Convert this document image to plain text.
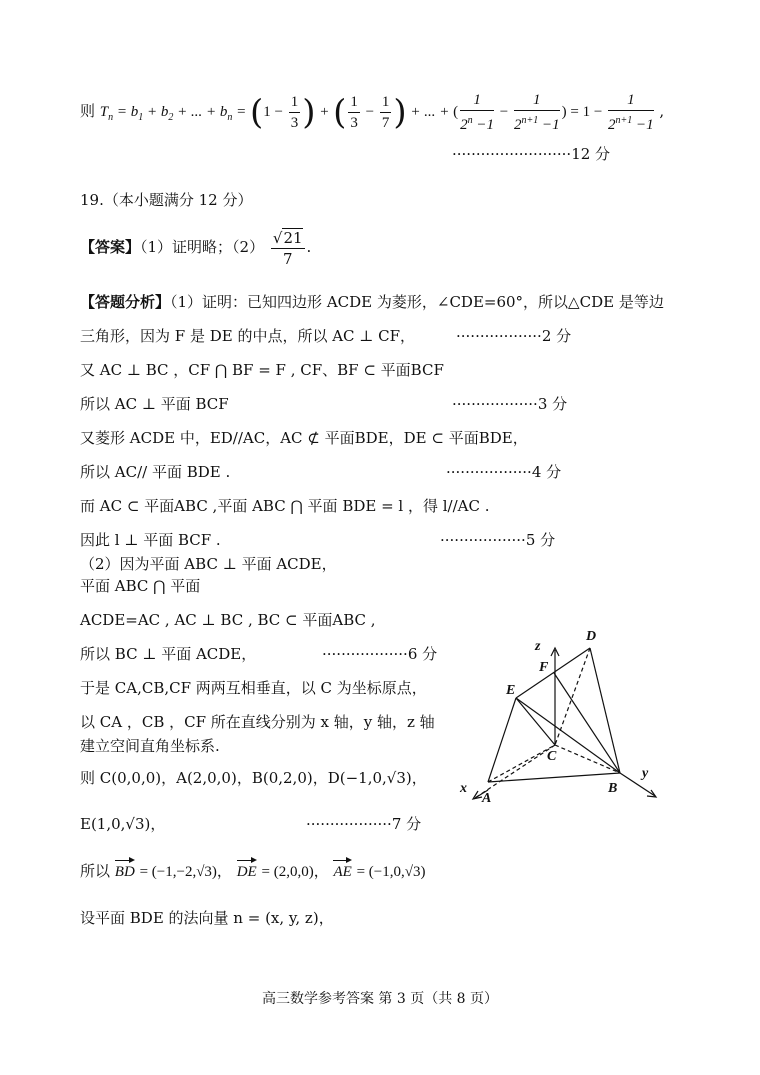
则 $T_n = b_1 + b_2$ + ... + $b_n = (1 - \frac{1}{3}$ ) + ( $\frac{1}{3} - \frac{1}{7}$ ) + ... + ( $\frac{1}{2^n -1} - \frac{1}{2^{n+1} -1}$ ) = $1 - \frac{1}{2^{n+1} -1}$ ,
·························12 分
19.（本小题满分 12 分）
【答案】（1）证明略；$(2) \frac{√21}{7}$ .
【答题分析】（1）证明：已知四边形 ACDE 为菱形，∠CDE=60°，所以△CDE 是等边
三角形，因为 F 是 DE 的中点，所以 AC ⊥ CF，	··················2 分
又 AC ⊥ BC ，CF ⋂ BF = F , CF、BF ⊂ 平面BCF
所以 AC ⊥ 平面 BCF	··················3 分
又菱形 ACDE 中，ED//AC，AC ⊄ 平面BDE，DE ⊂ 平面BDE，
所以 AC// 平面 BDE .	··················4 分
而 AC ⊂ 平面ABC ,平面 ABC ⋂ 平面 BDE = l ，得 l//AC .
因此 l ⊥ 平面 BCF .	··················5 分
（2）因为平面 ABC ⊥ 平面 ACDE，
平面 ABC ⋂ 平面
ACDE=AC , AC ⊥ BC , BC ⊂ 平面ABC ,
所以 BC ⊥ 平面 ACDE，	··················6 分
于是 CA,CB,CF 两两互相垂直，以 C 为坐标原点，
以 CA ，CB ，CF 所在直线分别为 x 轴，y 轴，z 轴
建立空间直角坐标系.
则 C(0,0,0)，A(2,0,0)，B(0,2,0)，D(−1,0,√3)，
E(1,0,√3)，	··················7 分
所以 BD = (−1,−2,√3)， DE = (2,0,0)， AE = (−1,0,√3)
设平面 BDE 的法向量 n = (x, y, z)，
z
D
F
E
C
x
A
B
y
高三数学参考答案 第 3 页（共 8 页）
